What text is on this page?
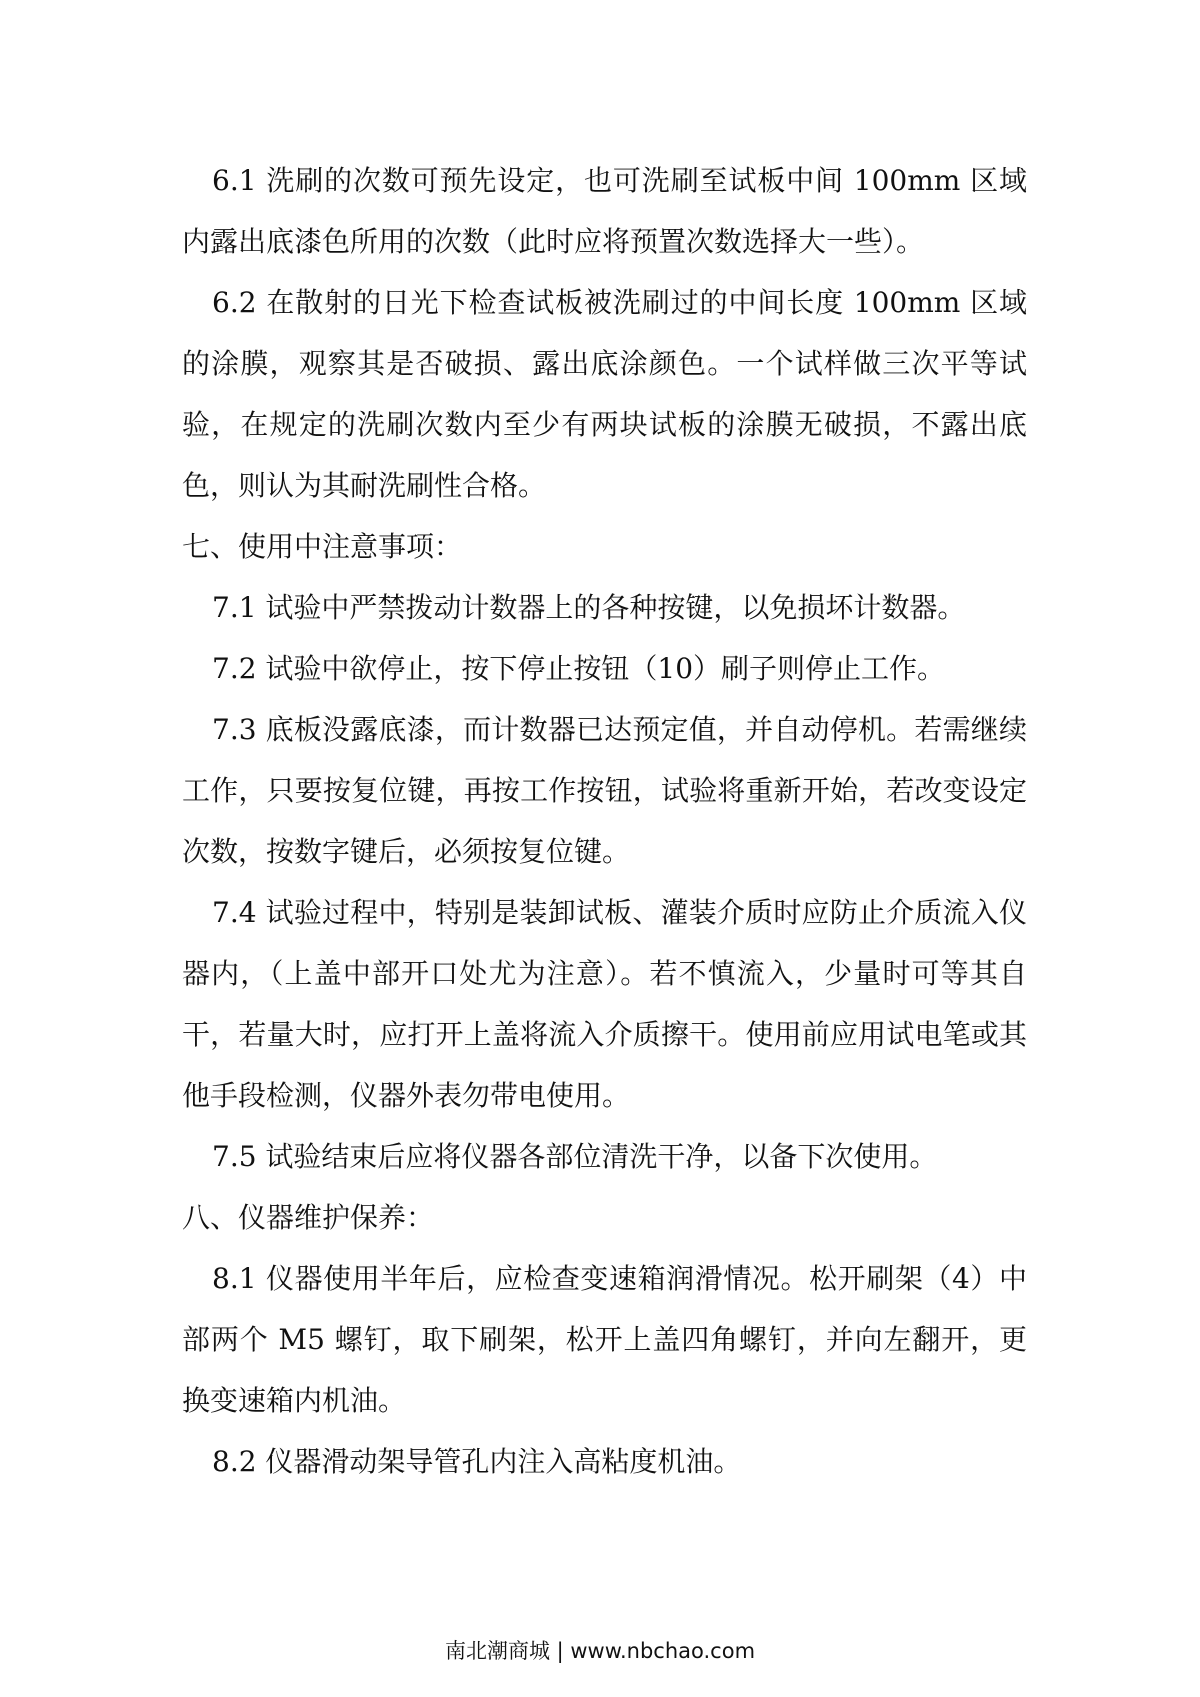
6.1 洗刷的次数可预先设定，也可洗刷至试板中间 100mm 区域内露出底漆色所用的次数（此时应将预置次数选择大一些）。

6.2 在散射的日光下检查试板被洗刷过的中间长度 100mm 区域的涂膜，观察其是否破损、露出底涂颜色。一个试样做三次平等试验，在规定的洗刷次数内至少有两块试板的涂膜无破损，不露出底色，则认为其耐洗刷性合格。

七、使用中注意事项：

7.1 试验中严禁拨动计数器上的各种按键，以免损坏计数器。

7.2 试验中欲停止，按下停止按钮（10）刷子则停止工作。

7.3 底板没露底漆，而计数器已达预定值，并自动停机。若需继续工作，只要按复位键，再按工作按钮，试验将重新开始，若改变设定次数，按数字键后，必须按复位键。

7.4 试验过程中，特别是装卸试板、灌装介质时应防止介质流入仪器内，（上盖中部开口处尤为注意）。若不慎流入，少量时可等其自干，若量大时，应打开上盖将流入介质擦干。使用前应用试电笔或其他手段检测，仪器外表勿带电使用。

7.5 试验结束后应将仪器各部位清洗干净，以备下次使用。

八、仪器维护保养：

8.1 仪器使用半年后，应检查变速箱润滑情况。松开刷架（4）中部两个 M5 螺钉，取下刷架，松开上盖四角螺钉，并向左翻开，更换变速箱内机油。

8.2 仪器滑动架导管孔内注入高粘度机油。

南北潮商城 | www.nbchao.com
